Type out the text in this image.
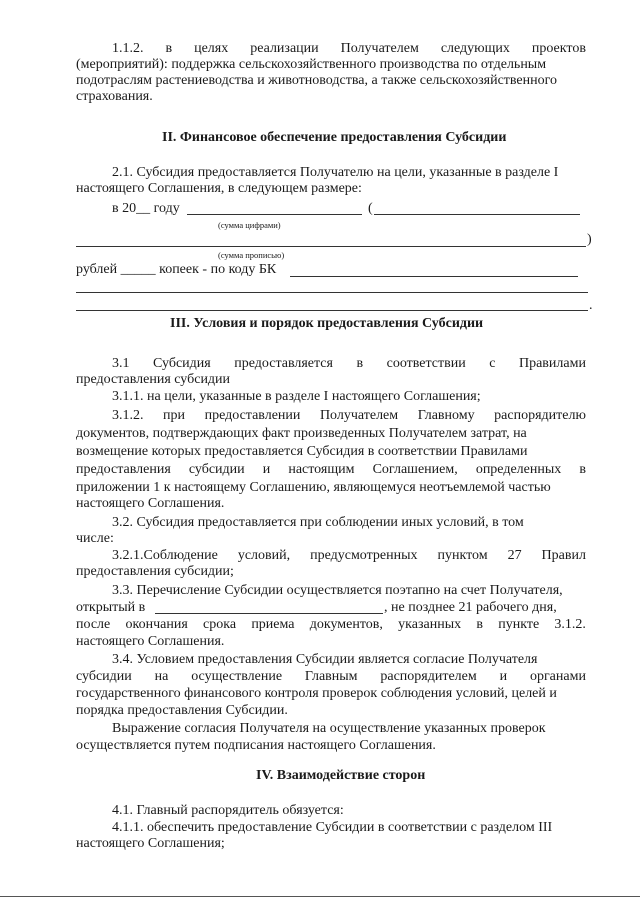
1.1.2. в целях реализации Получателем следующих проектов
(мероприятий): поддержка сельскохозяйственного производства по отдельным
подотраслям растениеводства и животноводства, а также сельскохозяйственного
страхования.
II. Финансовое обеспечение предоставления Субсидии
2.1. Субсидия предоставляется Получателю на цели, указанные в разделе I
настоящего Соглашения, в следующем размере:
в 20__ году	(
(сумма цифрами)
)
(сумма прописью)
рублей _____ копеек - по коду БК
.
III. Условия и порядок предоставления Субсидии
3.1 Субсидия предоставляется в соответствии с Правилами
предоставления субсидии
3.1.1. на цели, указанные в разделе I настоящего Соглашения;
3.1.2. при предоставлении Получателем Главному распорядителю
документов, подтверждающих факт произведенных Получателем затрат, на
возмещение которых предоставляется Субсидия в соответствии Правилами
предоставления субсидии и настоящим Соглашением, определенных в
приложении 1 к настоящему Соглашению, являющемуся неотъемлемой частью
настоящего Соглашения.
3.2. Субсидия предоставляется при соблюдении иных условий, в том
числе:
3.2.1.Соблюдение условий, предусмотренных пунктом 27 Правил
предоставления субсидии;
3.3. Перечисление Субсидии осуществляется поэтапно на счет Получателя,
открытый в	, не позднее 21 рабочего дня,
после окончания срока приема документов, указанных в пункте 3.1.2.
настоящего Соглашения.
3.4. Условием предоставления Субсидии является согласие Получателя
субсидии на осуществление Главным распорядителем и органами
государственного финансового контроля проверок соблюдения условий, целей и
порядка предоставления Субсидии.
Выражение согласия Получателя на осуществление указанных проверок
осуществляется путем подписания настоящего Соглашения.
IV. Взаимодействие сторон
4.1. Главный распорядитель обязуется:
4.1.1. обеспечить предоставление Субсидии в соответствии с разделом III
настоящего Соглашения;
